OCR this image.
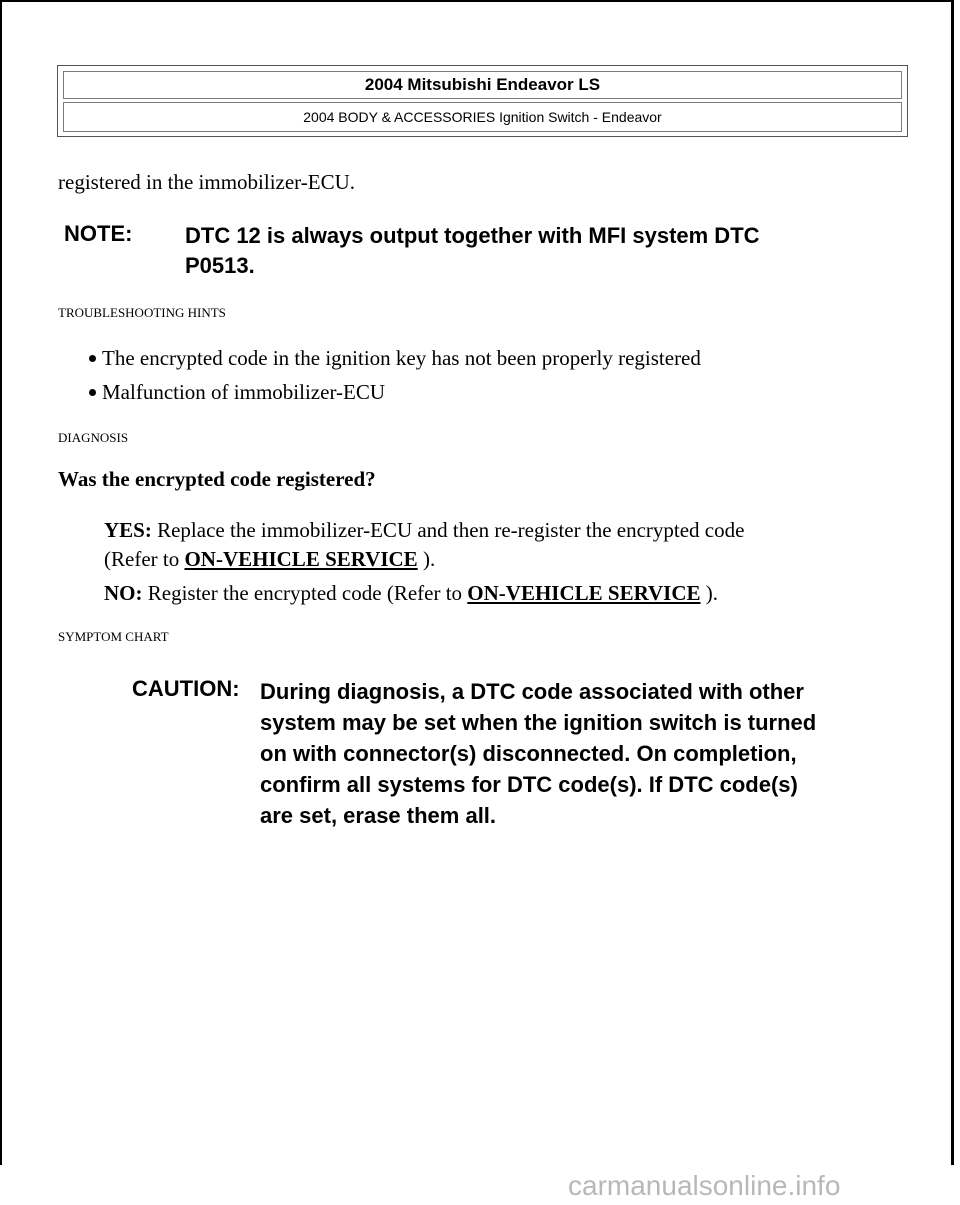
2004 Mitsubishi Endeavor LS
2004 BODY & ACCESSORIES Ignition Switch - Endeavor
registered in the immobilizer-ECU.
NOTE: DTC 12 is always output together with MFI system DTC
P0513.
TROUBLESHOOTING HINTS
The encrypted code in the ignition key has not been properly registered
Malfunction of immobilizer-ECU
DIAGNOSIS
Was the encrypted code registered?
YES: Replace the immobilizer-ECU and then re-register the encrypted code
(Refer to ON-VEHICLE SERVICE ).
NO: Register the encrypted code (Refer to ON-VEHICLE SERVICE ).
SYMPTOM CHART
CAUTION: During diagnosis, a DTC code associated with other
system may be set when the ignition switch is turned
on with connector(s) disconnected. On completion,
confirm all systems for DTC code(s). If DTC code(s)
are set, erase them all.
carmanualsonline.info
